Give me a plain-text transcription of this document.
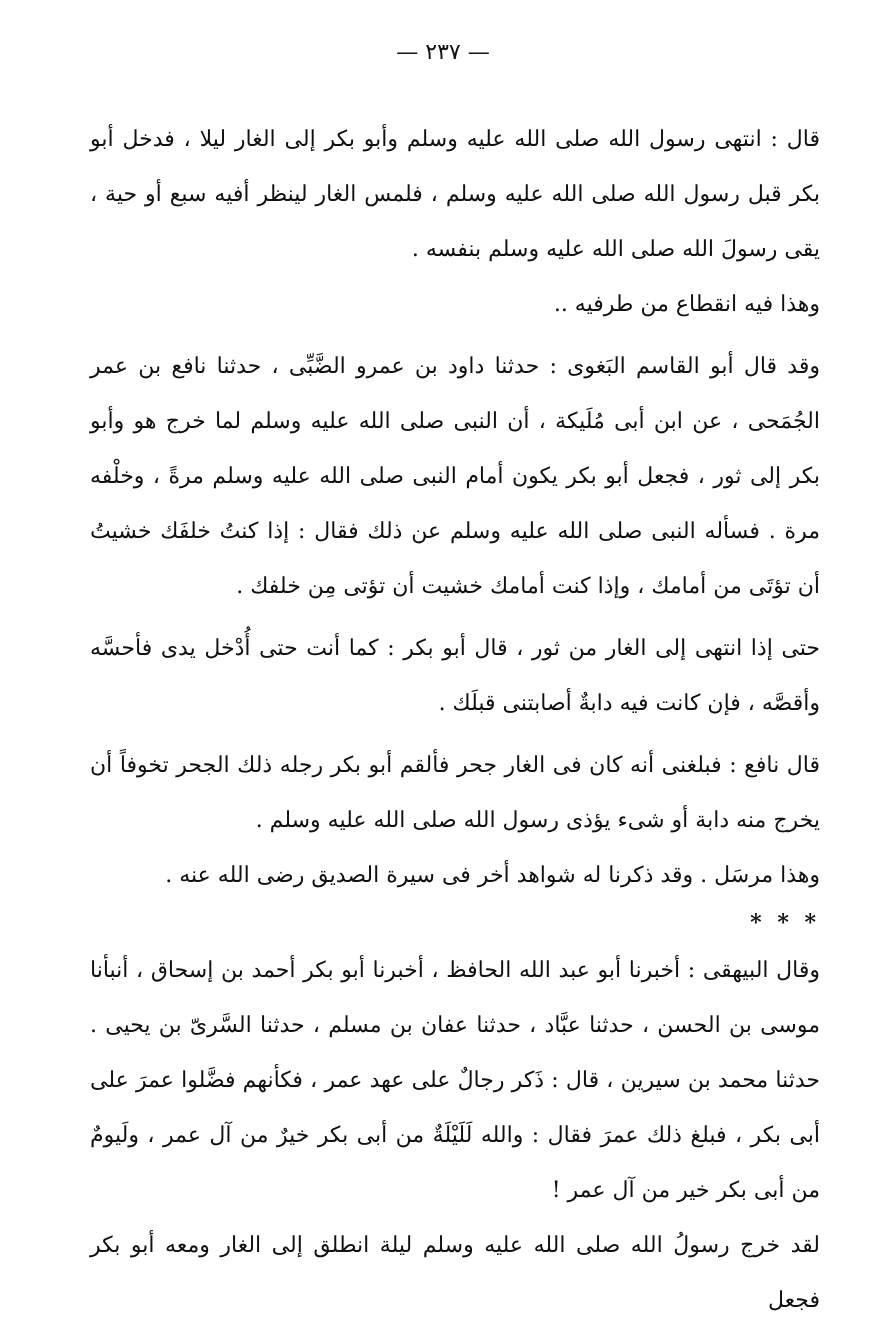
— ٢٣٧ —

قال : انتهى رسول الله صلى الله عليه وسلم وأبو بكر إلى الغار ليلا ، فدخل أبو بكر قبل رسول الله صلى الله عليه وسلم ، فلمس الغار لينظر أفيه سبع أو حية ، يقى رسولَ الله صلى الله عليه وسلم بنفسه .

وهذا فيه انقطاع من طرفيه ..

وقد قال أبو القاسم البَغوى : حدثنا داود بن عمرو الضَّبِّى ، حدثنا نافع بن عمر الجُمَحى ، عن ابن أبى مُلَيكة ، أن النبى صلى الله عليه وسلم لما خرج هو وأبو بكر إلى ثور ، فجعل أبو بكر يكون أمام النبى صلى الله عليه وسلم مرةً ، وخلْفه مرة . فسأله النبى صلى الله عليه وسلم عن ذلك فقال : إذا كنتُ خلفَك خشيتُ أن تؤتَى من أمامك ، وإذا كنت أمامك خشيت أن تؤتى مِن خلفك .

حتى إذا انتهى إلى الغار من ثور ، قال أبو بكر : كما أنت حتى أُدْخل يدى فأحسَّه وأقصَّه ، فإن كانت فيه دابةٌ أصابتنى قبلَك .

قال نافع : فبلغنى أنه كان فى الغار جحر فألقم أبو بكر رجله ذلك الجحر تخوفاً أن يخرج منه دابة أو شىء يؤذى رسول الله صلى الله عليه وسلم .

وهذا مرسَل . وقد ذكرنا له شواهد أخر فى سيرة الصديق رضى الله عنه .

* * *

وقال البيهقى : أخبرنا أبو عبد الله الحافظ ، أخبرنا أبو بكر أحمد بن إسحاق ، أنبأنا موسى بن الحسن ، حدثنا عبَّاد ، حدثنا عفان بن مسلم ، حدثنا السَّرىّ بن يحيى . حدثنا محمد بن سيرين ، قال : ذَكر رجالٌ على عهد عمر ، فكأنهم فضَّلوا عمرَ على أبى بكر ، فبلغ ذلك عمرَ فقال : والله لَلَيْلَةٌ من أبى بكر خيرٌ من آل عمر ، ولَيومٌ من أبى بكر خير من آل عمر !

لقد خرج رسولُ الله صلى الله عليه وسلم ليلة انطلق إلى الغار ومعه أبو بكر فجعل
